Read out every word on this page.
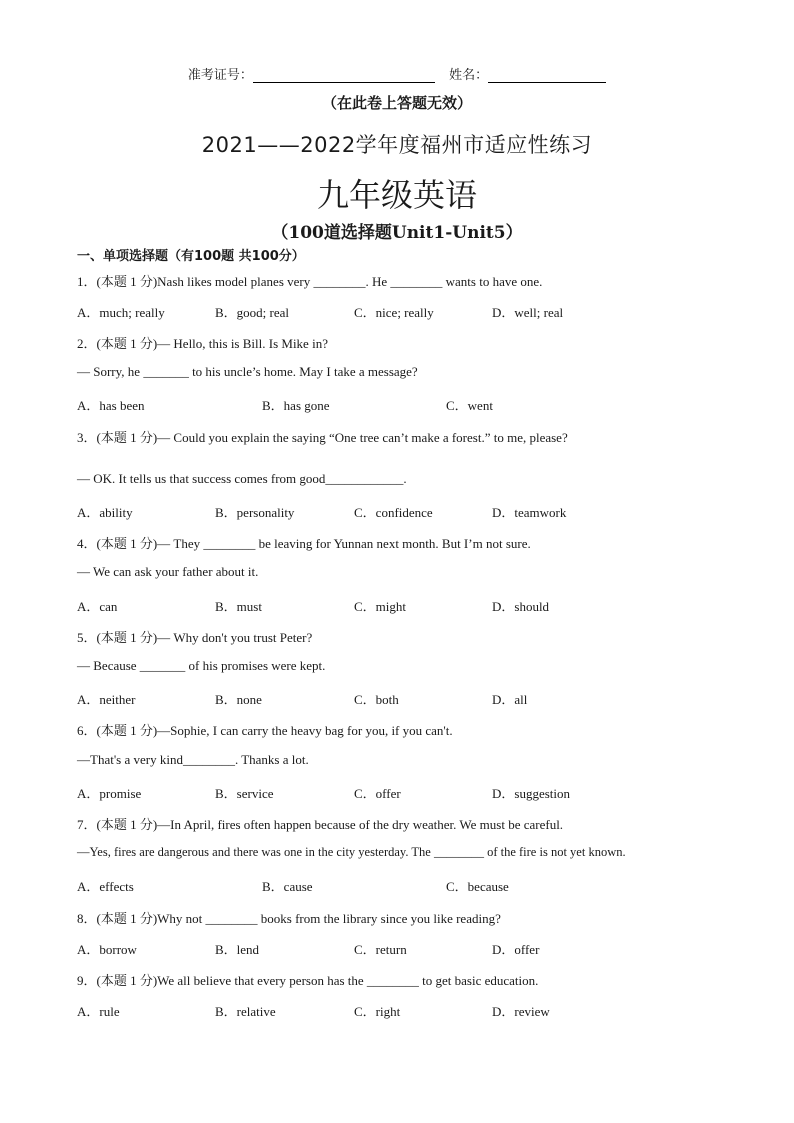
准考证号：	姓名：
（在此卷上答题无效）
2021——2022学年度福州市适应性练习
九年级英语
（100道选择题Unit1-Unit5）
一、单项选择题（有100题 共100分）
1．(本题 1 分)Nash likes model planes very ________. He ________ wants to have one.
A．much; really	B．good; real	C．nice; really	D．well; real
2．(本题 1 分)— Hello, this is Bill. Is Mike in?
— Sorry, he _______ to his uncle’s home. May I take a message?
A．has been	B．has gone	C．went
3．(本题 1 分)— Could you explain the saying “One tree can’t make a forest.” to me, please?
— OK. It tells us that success comes from good____________.
A．ability	B．personality	C．confidence	D．teamwork
4．(本题 1 分)— They ________ be leaving for Yunnan next month. But I’m not sure.
— We can ask your father about it.
A．can	B．must	C．might	D．should
5．(本题 1 分)— Why don't you trust Peter?
— Because _______ of his promises were kept.
A．neither	B．none	C．both	D．all
6．(本题 1 分)—Sophie, I can carry the heavy bag for you, if you can't.
—That's a very kind________. Thanks a lot.
A．promise	B．service	C．offer	D．suggestion
7．(本题 1 分)—In April, fires often happen because of the dry weather. We must be careful.
—Yes, fires are dangerous and there was one in the city yesterday. The ________ of the fire is not yet known.
A．effects	B．cause	C．because
8．(本题 1 分)Why not ________ books from the library since you like reading?
A．borrow	B．lend	C．return	D．offer
9．(本题 1 分)We all believe that every person has the ________ to get basic education.
A．rule	B．relative	C．right	D．review
